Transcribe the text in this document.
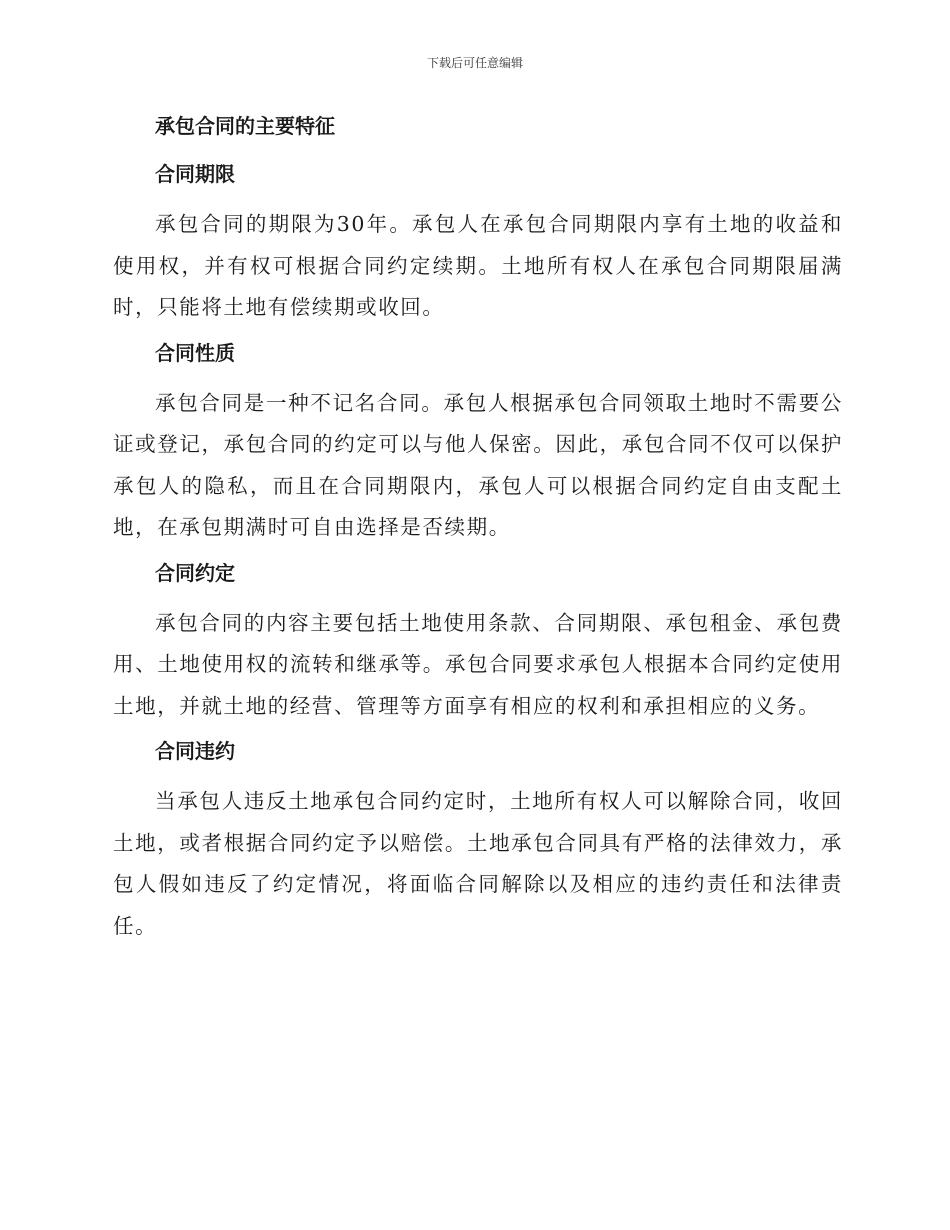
下载后可任意编辑
承包合同的主要特征
合同期限

承包合同的期限为30年。承包人在承包合同期限内享有土地的收益和使用权，并有权可根据合同约定续期。土地所有权人在承包合同期限届满时，只能将土地有偿续期或收回。

合同性质

承包合同是一种不记名合同。承包人根据承包合同领取土地时不需要公证或登记，承包合同的约定可以与他人保密。因此，承包合同不仅可以保护承包人的隐私，而且在合同期限内，承包人可以根据合同约定自由支配土地，在承包期满时可自由选择是否续期。

合同约定

承包合同的内容主要包括土地使用条款、合同期限、承包租金、承包费用、土地使用权的流转和继承等。承包合同要求承包人根据本合同约定使用土地，并就土地的经营、管理等方面享有相应的权利和承担相应的义务。

合同违约

当承包人违反土地承包合同约定时，土地所有权人可以解除合同，收回土地，或者根据合同约定予以赔偿。土地承包合同具有严格的法律效力，承包人假如违反了约定情况，将面临合同解除以及相应的违约责任和法律责任。
